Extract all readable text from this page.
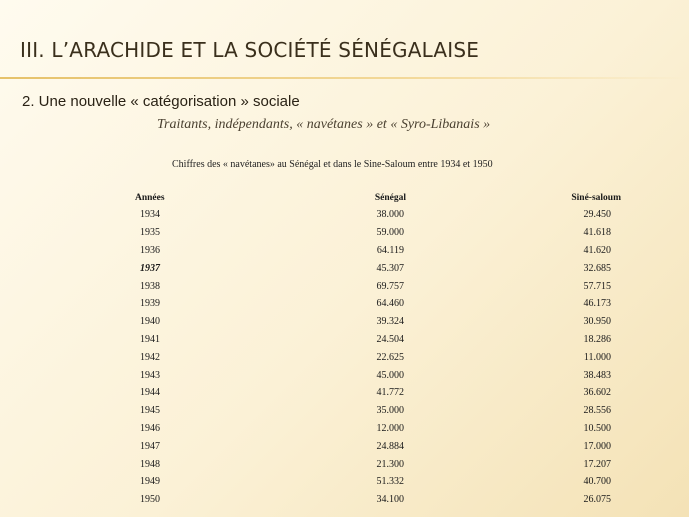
III. L’ARACHIDE ET LA SOCIÉTÉ SÉNÉGALAISE
2. Une nouvelle « catégorisation » sociale
Traitants, indépendants, « navétanes » et « Syro-Libanais »
Chiffres des « navétanes» au Sénégal et dans le Sine-Saloum entre 1934 et 1950
Années	Sénégal	Siné-saloum
1934	38.000	29.450
1935	59.000	41.618
1936	64.119	41.620
1937	45.307	32.685
1938	69.757	57.715
1939	64.460	46.173
1940	39.324	30.950
1941	24.504	18.286
1942	22.625	11.000
1943	45.000	38.483
1944	41.772	36.602
1945	35.000	28.556
1946	12.000	10.500
1947	24.884	17.000
1948	21.300	17.207
1949	51.332	40.700
1950	34.100	26.075
